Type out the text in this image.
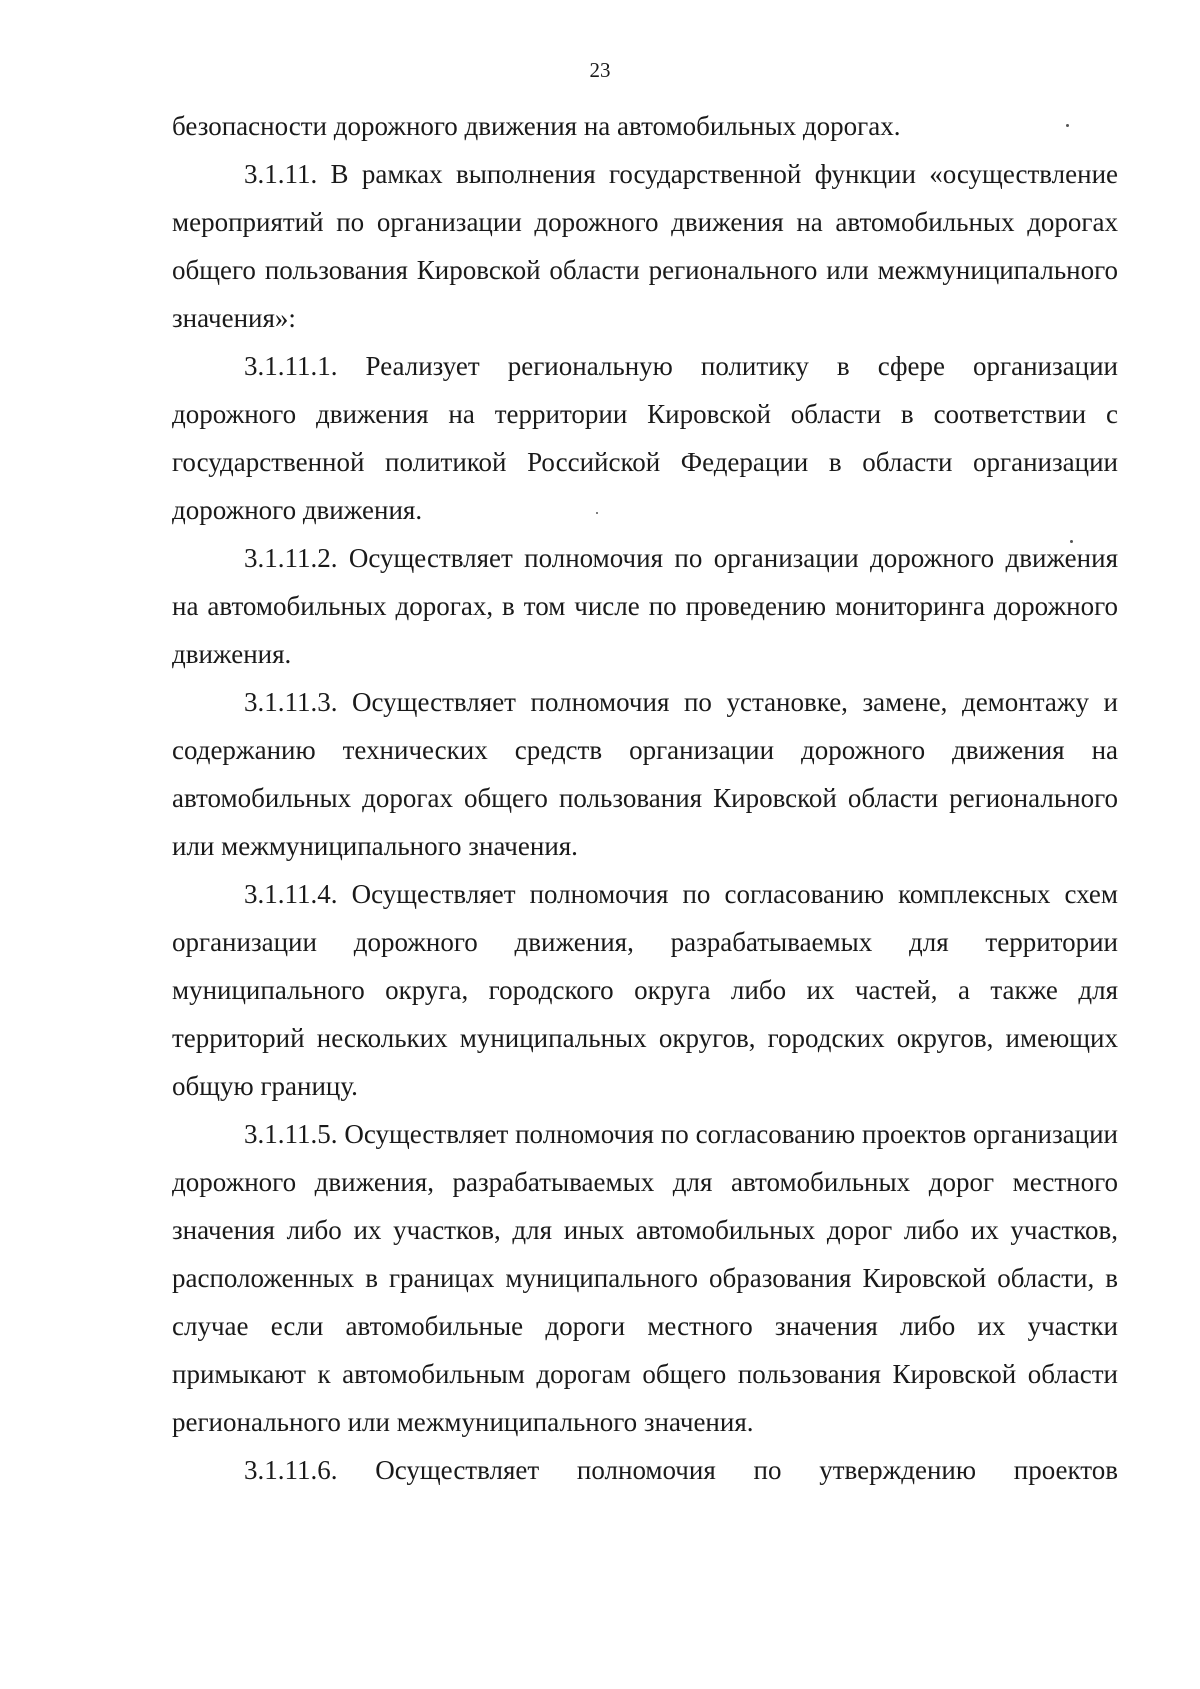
23

безопасности дорожного движения на автомобильных дорогах.

3.1.11. В рамках выполнения государственной функции «осуществление мероприятий по организации дорожного движения на автомобильных дорогах общего пользования Кировской области регионального или межмуниципального значения»:

3.1.11.1. Реализует региональную политику в сфере организации дорожного движения на территории Кировской области в соответствии с государственной политикой Российской Федерации в области организации дорожного движения.

3.1.11.2. Осуществляет полномочия по организации дорожного движения на автомобильных дорогах, в том числе по проведению мониторинга дорожного движения.

3.1.11.3. Осуществляет полномочия по установке, замене, демонтажу и содержанию технических средств организации дорожного движения на автомобильных дорогах общего пользования Кировской области регионального или межмуниципального значения.

3.1.11.4. Осуществляет полномочия по согласованию комплексных схем организации дорожного движения, разрабатываемых для территории муниципального округа, городского округа либо их частей, а также для территорий нескольких муниципальных округов, городских округов, имеющих общую границу.

3.1.11.5. Осуществляет полномочия по согласованию проектов организации дорожного движения, разрабатываемых для автомобильных дорог местного значения либо их участков, для иных автомобильных дорог либо их участков, расположенных в границах муниципального образования Кировской области, в случае если автомобильные дороги местного значения либо их участки примыкают к автомобильным дорогам общего пользования Кировской области регионального или межмуниципального значения.

3.1.11.6. Осуществляет полномочия по утверждению проектов
